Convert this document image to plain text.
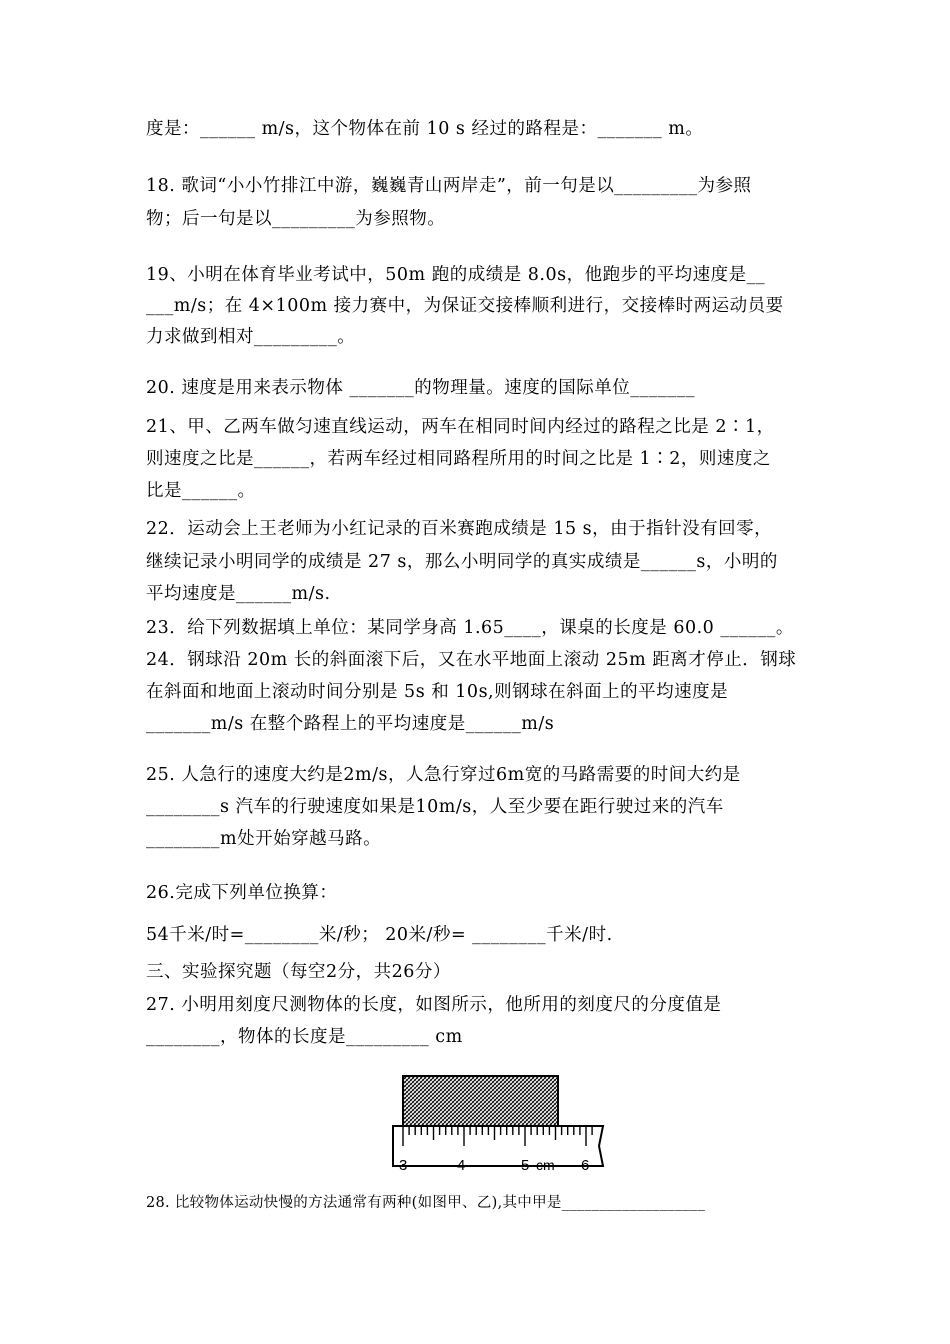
度是：______ m/s，这个物体在前 10 s 经过的路程是：_______ m。
18. 歌词“小小竹排江中游，巍巍青山两岸走”，前一句是以_________为参照
物；后一句是以_________为参照物。
19、小明在体育毕业考试中，50m 跑的成绩是 8.0s，他跑步的平均速度是__
___m/s；在 4×100m 接力赛中，为保证交接棒顺利进行，交接棒时两运动员要
力求做到相对_________。
20. 速度是用来表示物体 _______的物理量。速度的国际单位_______
21、甲、乙两车做匀速直线运动，两车在相同时间内经过的路程之比是 2∶1，
则速度之比是______，若两车经过相同路程所用的时间之比是 1∶2，则速度之
比是______。
22．运动会上王老师为小红记录的百米赛跑成绩是 15 s，由于指针没有回零，
继续记录小明同学的成绩是 27 s，那么小明同学的真实成绩是______s，小明的
平均速度是______m/s.
23．给下列数据填上单位：某同学身高 1.65____，课桌的长度是 60.0 ______。
24．钢球沿 20m 长的斜面滚下后，又在水平地面上滚动 25m 距离才停止．钢球
在斜面和地面上滚动时间分别是 5s 和 10s,则钢球在斜面上的平均速度是
_______m/s 在整个路程上的平均速度是______m/s
25. 人急行的速度大约是2m/s，人急行穿过6m宽的马路需要的时间大约是
________s 汽车的行驶速度如果是10m/s，人至少要在距行驶过来的汽车
________m处开始穿越马路。
26.完成下列单位换算：
54千米/时=________米/秒； 20米/秒= ________千米/时.
三、实验探究题（每空2分，共26分）
27. 小明用刻度尺测物体的长度，如图所示，他所用的刻度尺的分度值是
________，物体的长度是_________ cm
28. 比较物体运动快慢的方法通常有两种(如图甲、乙),其中甲是___________________
3	4	5 cm 6
